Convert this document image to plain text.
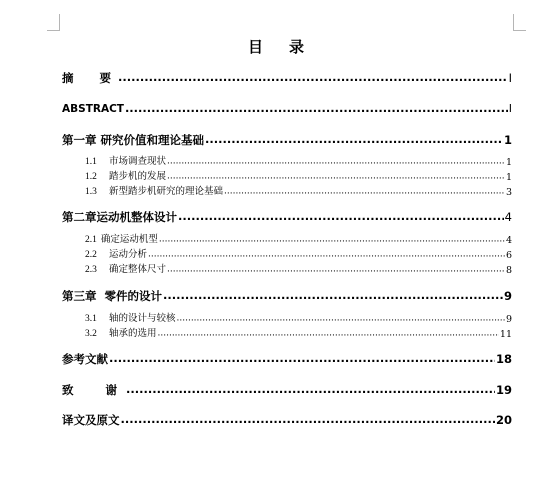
目录
摘  要 ·····	I
ABSTRACT ·····	I
第一章 研究价值和理论基础 ·····	1
1.1 市场调查现状 ·····	1
1.2 踏步机的发展 ·····	1
1.3 新型踏步机研究的理论基础 ·····	3
第二章运动机整体设计 ·····	4
2.1 确定运动机型 ·····	4
2.2 运动分析 ·····	6
2.3 确定整体尺寸 ·····	8
第三章  零件的设计 ·····	9
3.1 轴的设计与较核 ·····	9
3.2 轴承的选用 ·····	11
参考文献 ·····	18
致  谢 ·····	19
译文及原文 ·····	20
